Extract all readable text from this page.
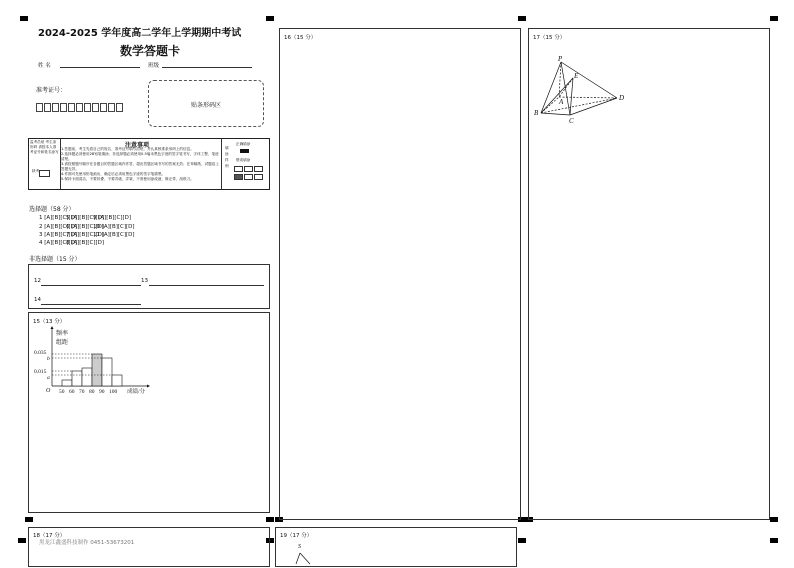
2024-2025 学年度高二学年上学期期中考试
数学答题卡
姓 名	班级
准考证号：
贴条形码区
监考员贴 考生条形码 请按本人准考证号和姓名涂写
缺考
注意事项
1.答题前，考生先将自己的姓名、准考证号填写清楚，并认真核准条形码上的信息。
2.选择题必须使用2B铅笔填涂；非选择题必须使用0.5毫米黑色字迹的签字笔书写，字体工整、笔迹清楚。
3.请按照题号顺序在各题目的答题区域内作答，超出答题区域书写的答案无效；在草稿纸、试题卷上答题无效。
4.作图可先使用铅笔画出，确定后必须用黑色字迹的签字笔描黑。
5.保持卡面清洁，不要折叠、不要弄破、弄皱，不准使用涂改液、修正带、刮纸刀。
填涂样例
正确填涂
错误填涂

选择题（58 分）
1 [A][B][C][D]
5 [A][B][C][D]
9 [A][B][C][D]
2 [A][B][C][D]
6 [A][B][C][D]
10 [A][B][C][D]
3 [A][B][C][D]
7 [A][B][C][D]
11 [A][B][C][D]
4 [A][B][C][D]
8 [A][B][C][D]
非选择题（15 分）
12	13
14
15（13 分）
频率
组距
0.035
b
0.015
a
O 50 60 70 80 90 100 成绩/分
16（15 分）	17（15 分）
P
E
A
B
C
D
18（17 分）
黑龙江鑫盛科技制作 0451-53673201
19（17 分）
S
